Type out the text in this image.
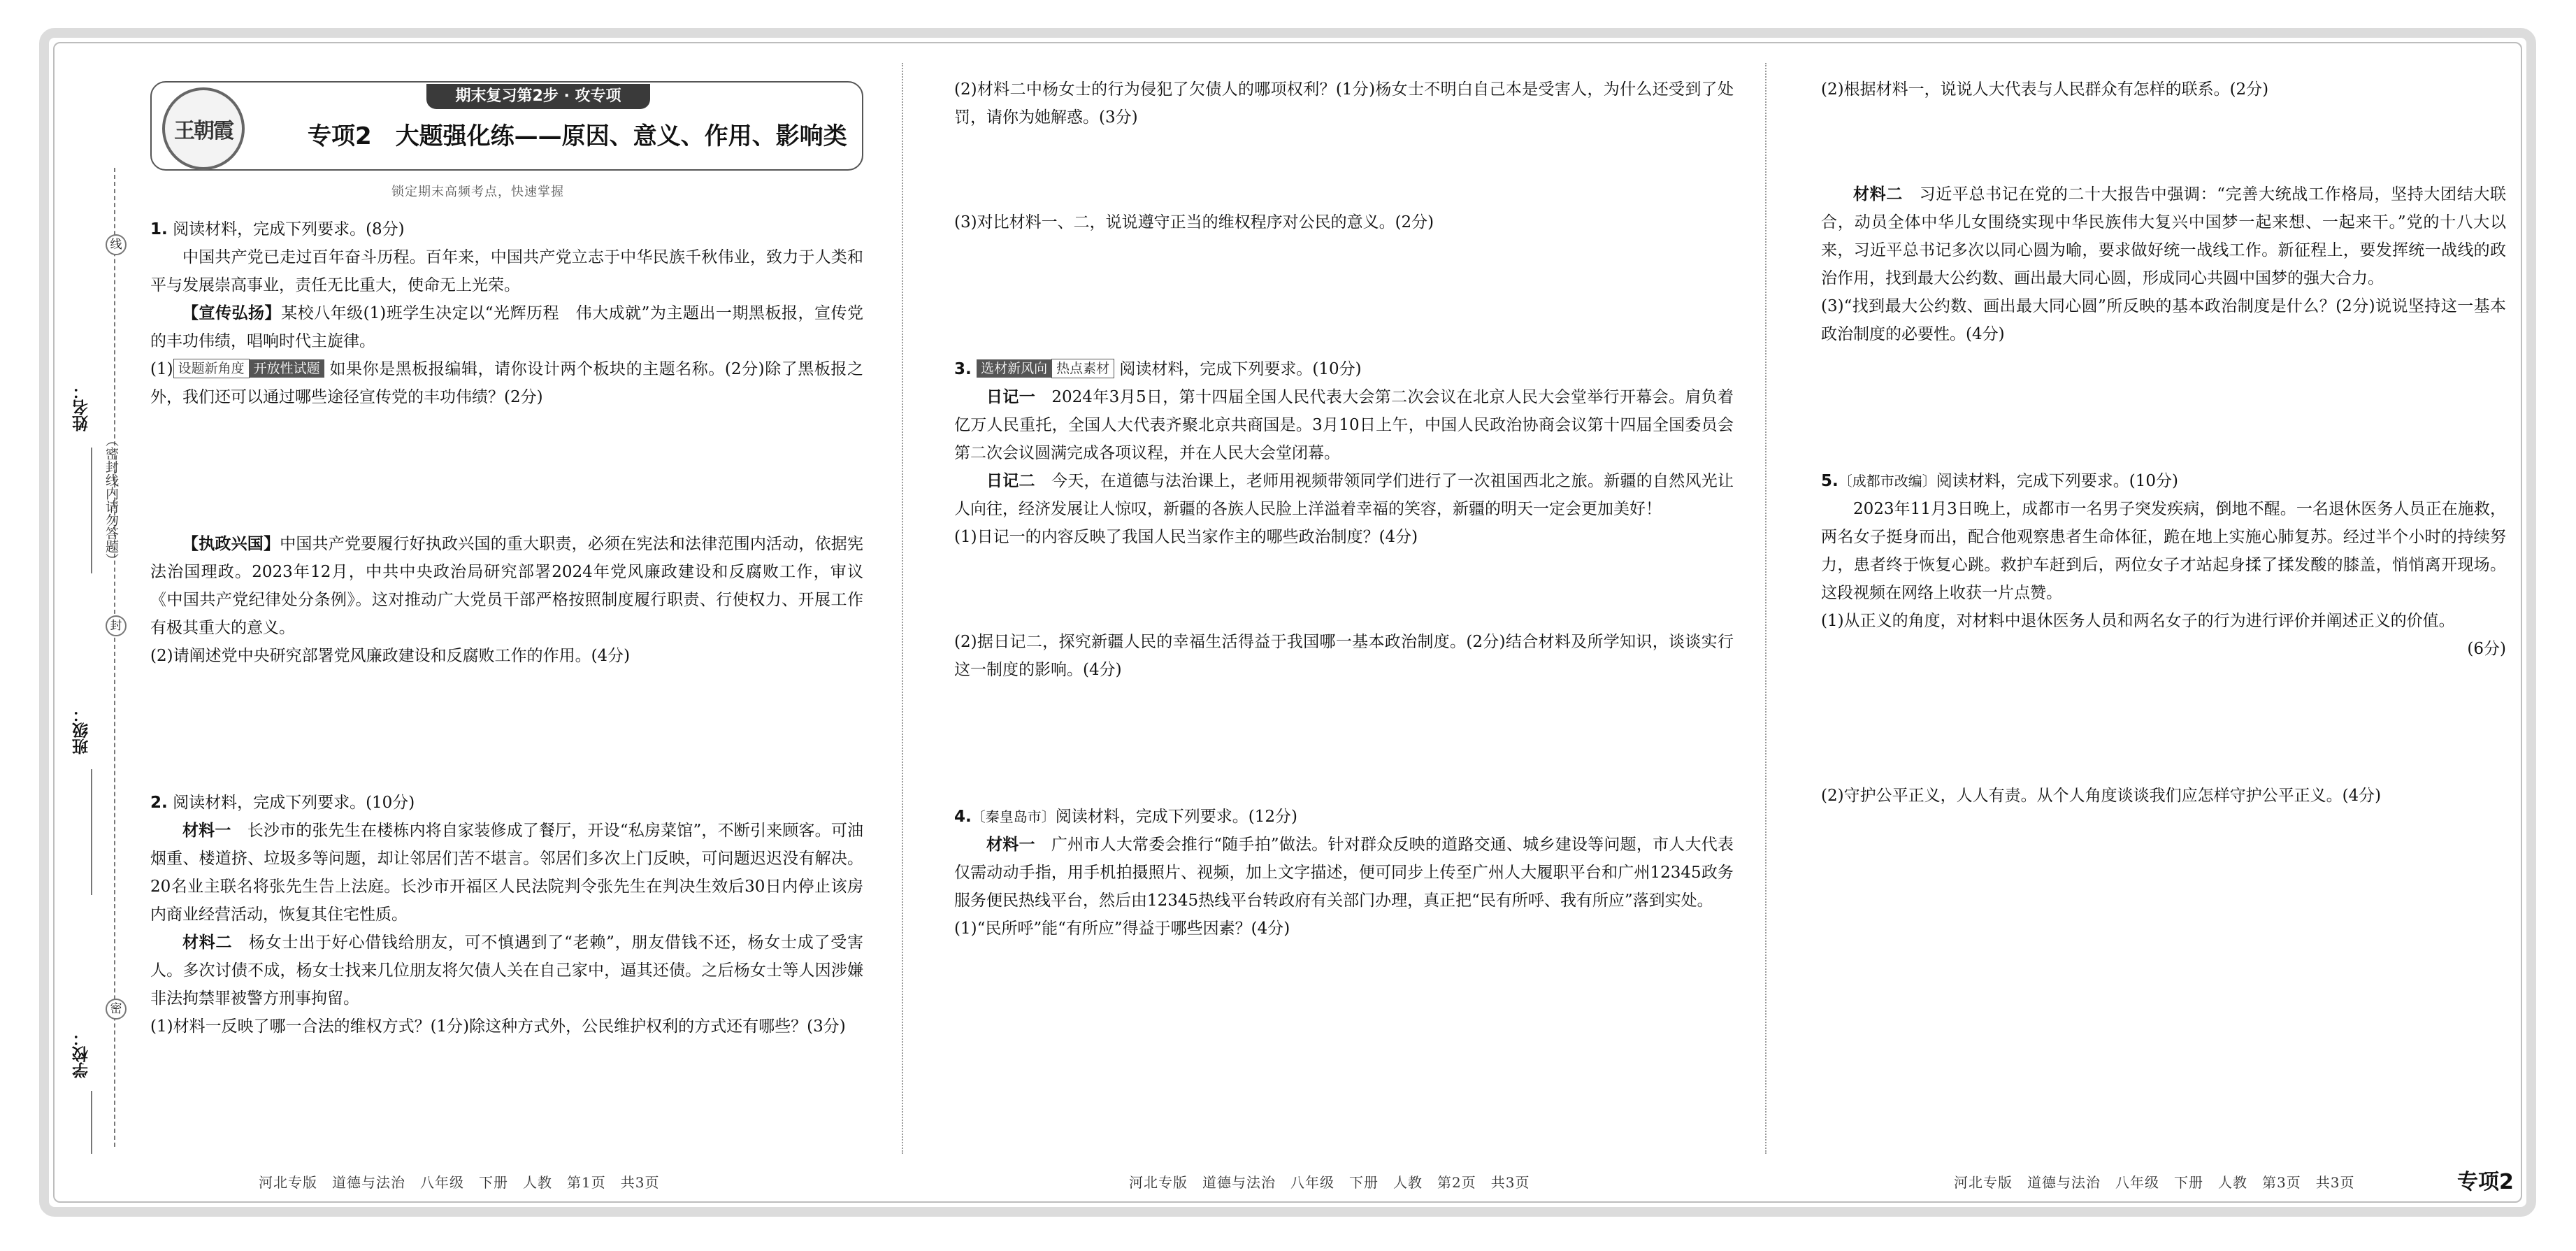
线
封
密
（密封线内请勿答题）
姓名：
班级：
学校：
王朝霞
期末复习第2步 · 攻专项
专项2　大题强化练——原因、意义、作用、影响类
锁定期末高频考点，快速掌握

1. 阅读材料，完成下列要求。(8分)

中国共产党已走过百年奋斗历程。百年来，中国共产党立志于中华民族千秋伟业，致力于人类和平与发展崇高事业，责任无比重大，使命无上光荣。

【宣传弘扬】某校八年级(1)班学生决定以“光辉历程　伟大成就”为主题出一期黑板报，宣传党的丰功伟绩，唱响时代主旋律。

(1) 设题新角度 开放性试题 如果你是黑板报编辑，请你设计两个板块的主题名称。(2分)除了黑板报之外，我们还可以通过哪些途径宣传党的丰功伟绩？(2分)

【执政兴国】中国共产党要履行好执政兴国的重大职责，必须在宪法和法律范围内活动，依据宪法治国理政。2023年12月，中共中央政治局研究部署2024年党风廉政建设和反腐败工作，审议《中国共产党纪律处分条例》。这对推动广大党员干部严格按照制度履行职责、行使权力、开展工作有极其重大的意义。

(2)请阐述党中央研究部署党风廉政建设和反腐败工作的作用。(4分)

2. 阅读材料，完成下列要求。(10分)

材料一　 长沙市的张先生在楼栋内将自家装修成了餐厅，开设“私房菜馆”，不断引来顾客。可油烟重、楼道挤、垃圾多等问题，却让邻居们苦不堪言。邻居们多次上门反映，可问题迟迟没有解决。20名业主联名将张先生告上法庭。长沙市开福区人民法院判令张先生在判决生效后30日内停止该房内商业经营活动，恢复其住宅性质。

材料二　 杨女士出于好心借钱给朋友，可不慎遇到了“老赖”，朋友借钱不还，杨女士成了受害人。多次讨债不成，杨女士找来几位朋友将欠债人关在自己家中，逼其还债。之后杨女士等人因涉嫌非法拘禁罪被警方刑事拘留。

(1)材料一反映了哪一合法的维权方式？(1分)除这种方式外，公民维护权利的方式还有哪些？(3分)

(2)材料二中杨女士的行为侵犯了欠债人的哪项权利？(1分)杨女士不明白自己本是受害人，为什么还受到了处罚，请你为她解惑。(3分)

(3)对比材料一、二，说说遵守正当的维权程序对公民的意义。(2分)

3. 选材新风向 热点素材 阅读材料，完成下列要求。(10分)

日记一　 2024年3月5日，第十四届全国人民代表大会第二次会议在北京人民大会堂举行开幕会。肩负着亿万人民重托，全国人大代表齐聚北京共商国是。3月10日上午，中国人民政治协商会议第十四届全国委员会第二次会议圆满完成各项议程，并在人民大会堂闭幕。

日记二　 今天，在道德与法治课上，老师用视频带领同学们进行了一次祖国西北之旅。新疆的自然风光让人向往，经济发展让人惊叹，新疆的各族人民脸上洋溢着幸福的笑容，新疆的明天一定会更加美好！

(1)日记一的内容反映了我国人民当家作主的哪些政治制度？(4分)

(2)据日记二，探究新疆人民的幸福生活得益于我国哪一基本政治制度。(2分)结合材料及所学知识，谈谈实行这一制度的影响。(4分)

4.〔秦皇岛市〕阅读材料，完成下列要求。(12分)

材料一　 广州市人大常委会推行“随手拍”做法。针对群众反映的道路交通、城乡建设等问题，市人大代表仅需动动手指，用手机拍摄照片、视频，加上文字描述，便可同步上传至广州人大履职平台和广州12345政务服务便民热线平台，然后由12345热线平台转政府有关部门办理，真正把“民有所呼、我有所应”落到实处。

(1)“民所呼”能“有所应”得益于哪些因素？(4分)

(2)根据材料一，说说人大代表与人民群众有怎样的联系。(2分)

材料二　 习近平总书记在党的二十大报告中强调：“完善大统战工作格局，坚持大团结大联合，动员全体中华儿女围绕实现中华民族伟大复兴中国梦一起来想、一起来干。”党的十八大以来，习近平总书记多次以同心圆为喻，要求做好统一战线工作。新征程上，要发挥统一战线的政治作用，找到最大公约数、画出最大同心圆，形成同心共圆中国梦的强大合力。

(3)“找到最大公约数、画出最大同心圆”所反映的基本政治制度是什么？(2分)说说坚持这一基本政治制度的必要性。(4分)

5.〔成都市改编〕阅读材料，完成下列要求。(10分)

2023年11月3日晚上，成都市一名男子突发疾病，倒地不醒。一名退休医务人员正在施救，两名女子挺身而出，配合他观察患者生命体征，跪在地上实施心肺复苏。经过半个小时的持续努力，患者终于恢复心跳。救护车赶到后，两位女子才站起身揉了揉发酸的膝盖，悄悄离开现场。这段视频在网络上收获一片点赞。

(1)从正义的角度，对材料中退休医务人员和两名女子的行为进行评价并阐述正义的价值。

(6分)

(2)守护公平正义，人人有责。从个人角度谈谈我们应怎样守护公平正义。(4分)

河北专版　道德与法治　八年级　下册　人教　第1页　共3页	河北专版　道德与法治　八年级　下册　人教　第2页　共3页	河北专版　道德与法治　八年级　下册　人教　第3页　共3页	专项2
